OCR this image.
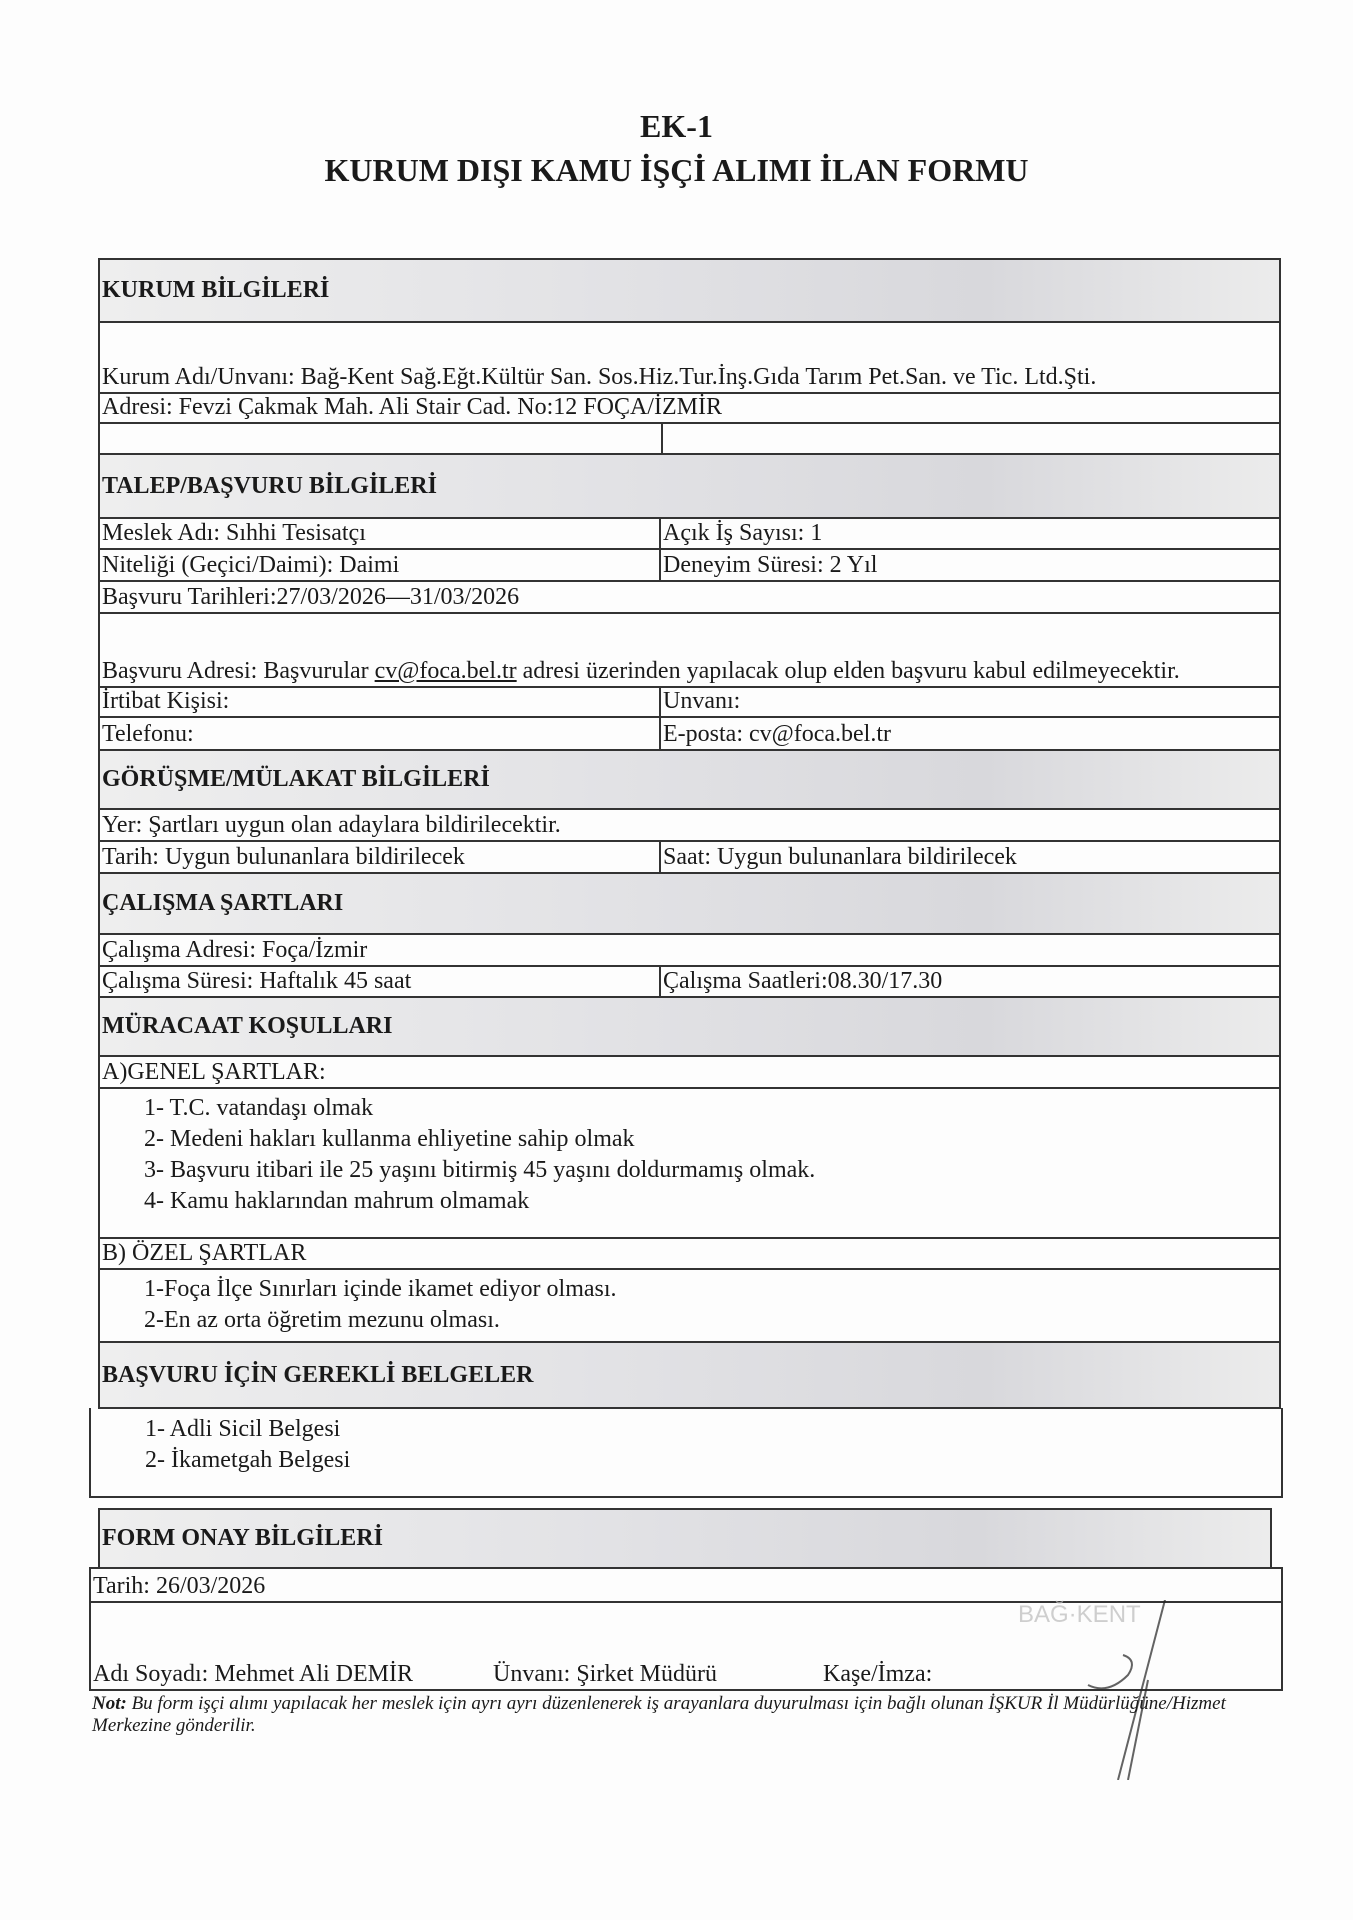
EK-1
KURUM DIŞI KAMU İŞÇİ ALIMI İLAN FORMU
KURUM BİLGİLERİ
Kurum Adı/Unvanı: Bağ-Kent Sağ.Eğt.Kültür San. Sos.Hiz.Tur.İnş.Gıda Tarım Pet.San. ve Tic. Ltd.Şti.
Adresi: Fevzi Çakmak Mah. Ali Stair Cad. No:12 FOÇA/İZMİR
TALEP/BAŞVURU BİLGİLERİ
Meslek Adı: Sıhhi Tesisatçı	Açık İş Sayısı: 1
Niteliği (Geçici/Daimi): Daimi	Deneyim Süresi: 2 Yıl
Başvuru Tarihleri:27/03/2026—31/03/2026
Başvuru Adresi: Başvurular cv@foca.bel.tr adresi üzerinden yapılacak olup elden başvuru kabul edilmeyecektir.
İrtibat Kişisi:	Unvanı:
Telefonu:	E-posta: cv@foca.bel.tr
GÖRÜŞME/MÜLAKAT BİLGİLERİ
Yer: Şartları uygun olan adaylara bildirilecektir.
Tarih: Uygun bulunanlara bildirilecek	Saat: Uygun bulunanlara bildirilecek
ÇALIŞMA ŞARTLARI
Çalışma Adresi: Foça/İzmir
Çalışma Süresi: Haftalık 45 saat	Çalışma Saatleri:08.30/17.30
MÜRACAAT KOŞULLARI
A)GENEL ŞARTLAR:
1- T.C. vatandaşı olmak
2- Medeni hakları kullanma ehliyetine sahip olmak
3- Başvuru itibari ile 25 yaşını bitirmiş 45 yaşını doldurmamış olmak.
4- Kamu haklarından mahrum olmamak
B) ÖZEL ŞARTLAR
1-Foça İlçe Sınırları içinde ikamet ediyor olması.
2-En az orta öğretim mezunu olması.
BAŞVURU İÇİN GEREKLİ BELGELER
1- Adli Sicil Belgesi
2- İkametgah Belgesi
FORM ONAY BİLGİLERİ
Tarih: 26/03/2026
Adı Soyadı: Mehmet Ali DEMİR	Ünvanı: Şirket Müdürü	Kaşe/İmza:
BAĞ·KENT
Not: Bu form işçi alımı yapılacak her meslek için ayrı ayrı düzenlenerek iş arayanlara duyurulması için bağlı olunan İŞKUR İl Müdürlüğüne/Hizmet Merkezine gönderilir.
